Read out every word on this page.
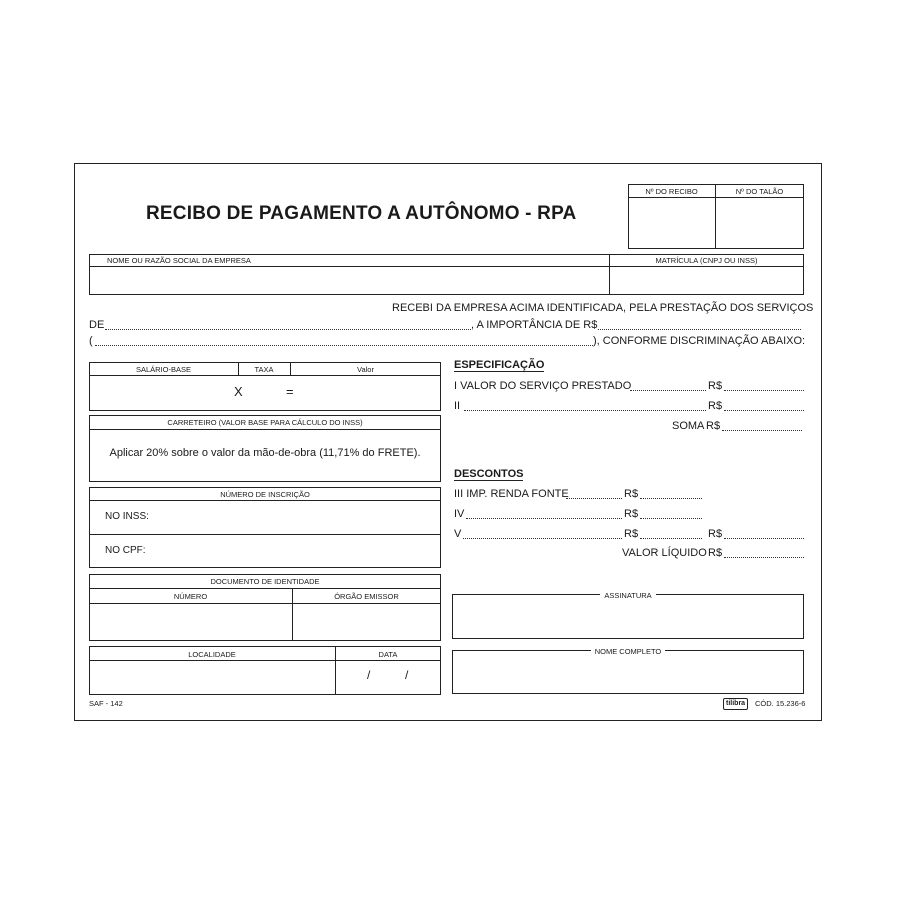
RECIBO DE PAGAMENTO A AUTÔNOMO - RPA
Nº DO RECIBO	Nº DO TALÃO
NOME OU RAZÃO SOCIAL DA EMPRESA	MATRÍCULA (CNPJ OU INSS)
RECEBI DA EMPRESA ACIMA IDENTIFICADA, PELA PRESTAÇÃO DOS SERVIÇOS
DE	, A IMPORTÂNCIA DE R$
(	), CONFORME DISCRIMINAÇÃO ABAIXO:
SALÁRIO-BASE	TAXA	Valor
X	=
CARRETEIRO (VALOR BASE PARA CÁLCULO DO INSS)
Aplicar 20% sobre o valor da mão-de-obra (11,71% do FRETE).
NÚMERO DE INSCRIÇÃO
NO INSS:
NO CPF:
DOCUMENTO DE IDENTIDADE
NÚMERO	ÓRGÃO EMISSOR
LOCALIDADE	DATA
/	/
ESPECIFICAÇÃO
I VALOR DO SERVIÇO PRESTADO	R$
II	R$
SOMA R$
DESCONTOS
III IMP. RENDA FONTE	R$
IV	R$
V	R$	R$
VALOR LÍQUIDO R$
ASSINATURA
NOME COMPLETO
SAF - 142	tilibra	CÓD. 15.236-6
